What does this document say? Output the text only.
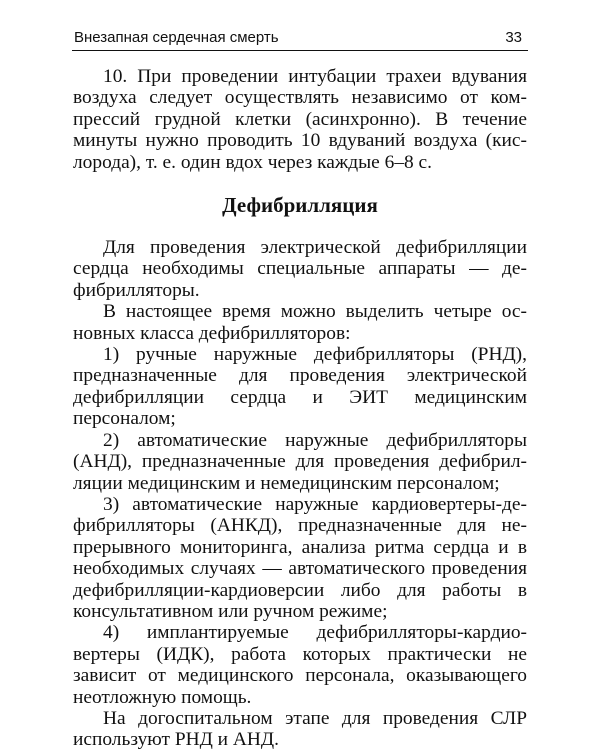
Внезапная сердечная смерть	33

10. При проведении интубации трахеи вдувания воздуха следует осуществлять независимо от компрессий грудной клетки (асинхронно). В течение минуты нужно проводить 10 вдуваний воздуха (кислорода), т. е. один вдох через каждые 6–8 с.

Дефибрилляция

Для проведения электрической дефибрилляции сердца необходимы специальные аппараты — дефибрилляторы.

В настоящее время можно выделить четыре основных класса дефибрилляторов:

1) ручные наружные дефибрилляторы (РНД), предназначенные для проведения электрической дефибрилляции сердца и ЭИТ медицинским персоналом;

2) автоматические наружные дефибрилляторы (АНД), предназначенные для проведения дефибрилляции медицинским и немедицинским персоналом;

3) автоматические наружные кардиовертеры-дефибрилляторы (АНКД), предназначенные для непрерывного мониторинга, анализа ритма сердца и в необходимых случаях — автоматического проведения дефибрилляции-кардиоверсии либо для работы в консультативном или ручном режиме;

4) имплантируемые дефибрилляторы-кардиовертеры (ИДК), работа которых практически не зависит от медицинского персонала, оказывающего неотложную помощь.

На догоспитальном этапе для проведения СЛР используют РНД и АНД.
